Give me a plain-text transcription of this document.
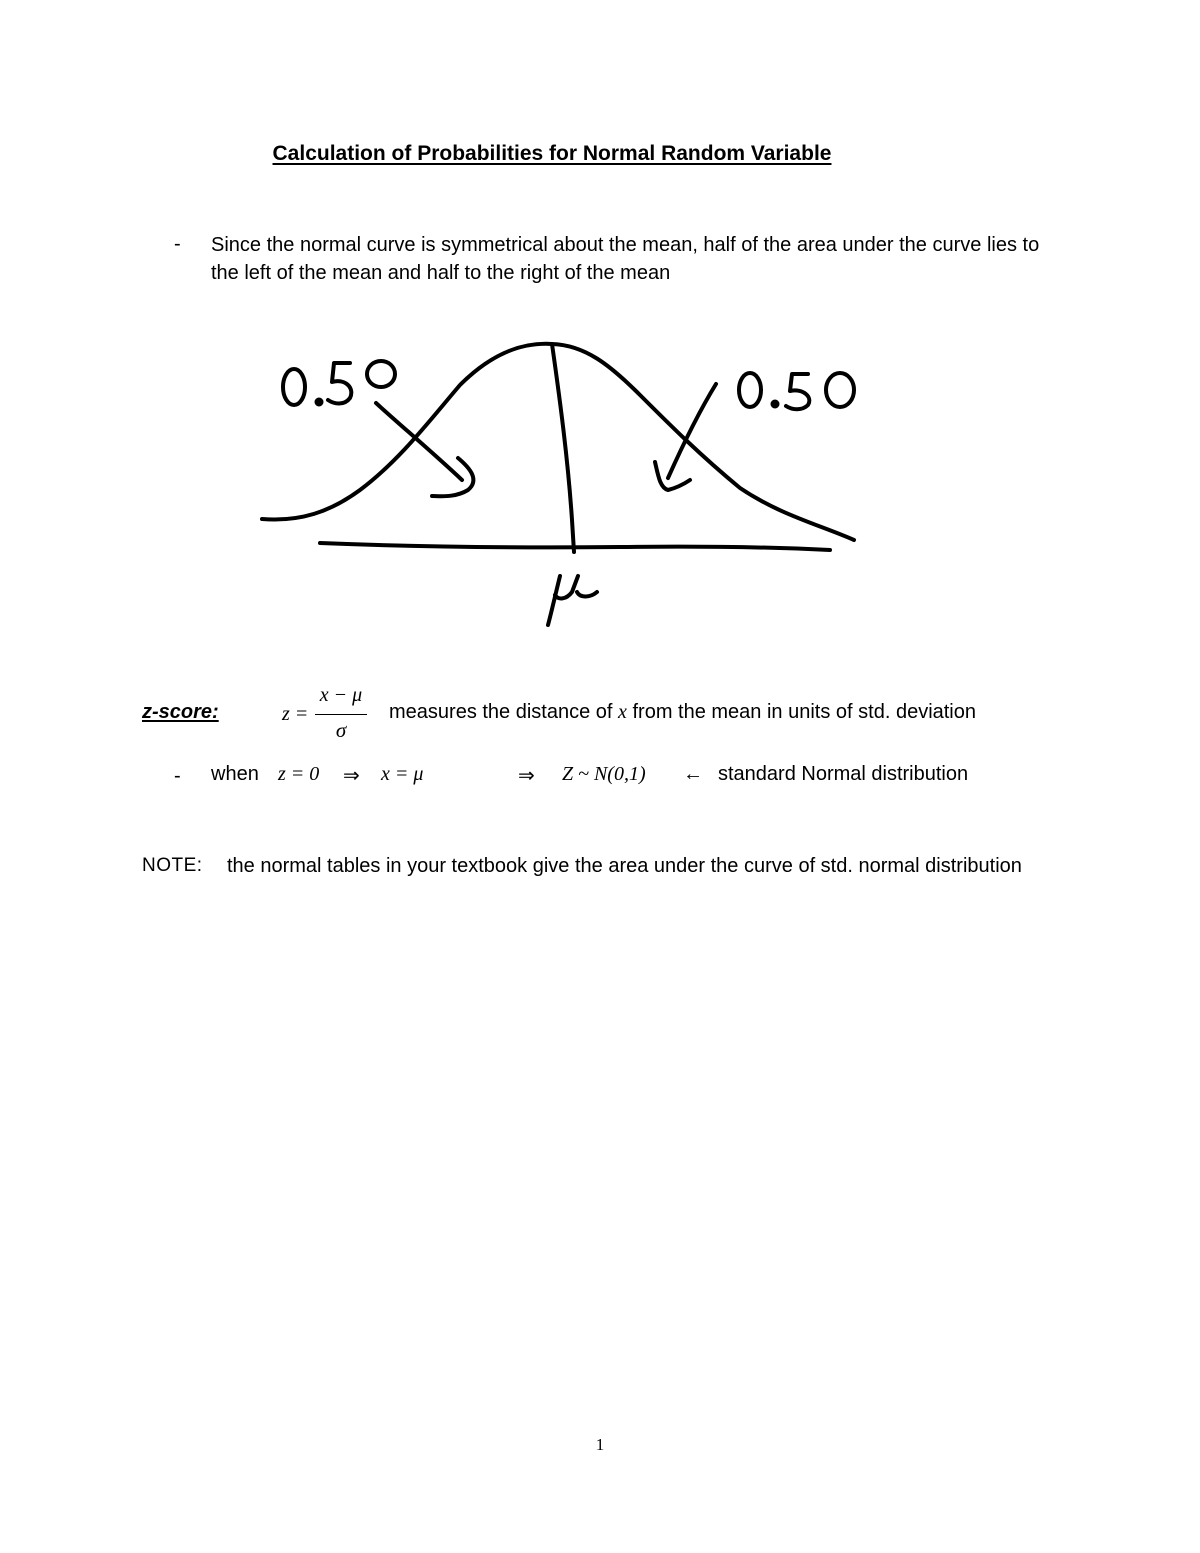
Calculation of Probabilities for Normal Random Variable
- Since the normal curve is symmetrical about the mean, half of the area under the curve lies to the left of the mean and half to the right of the mean
0.50	0.50
μ
z-score:	z =
x − μ
σ
measures the distance of x from the mean in units of std. deviation
- when z = 0 ⇒ x = μ	⇒ Z ~ N(0,1) ← standard Normal distribution
NOTE: the normal tables in your textbook give the area under the curve of std. normal distribution
1
